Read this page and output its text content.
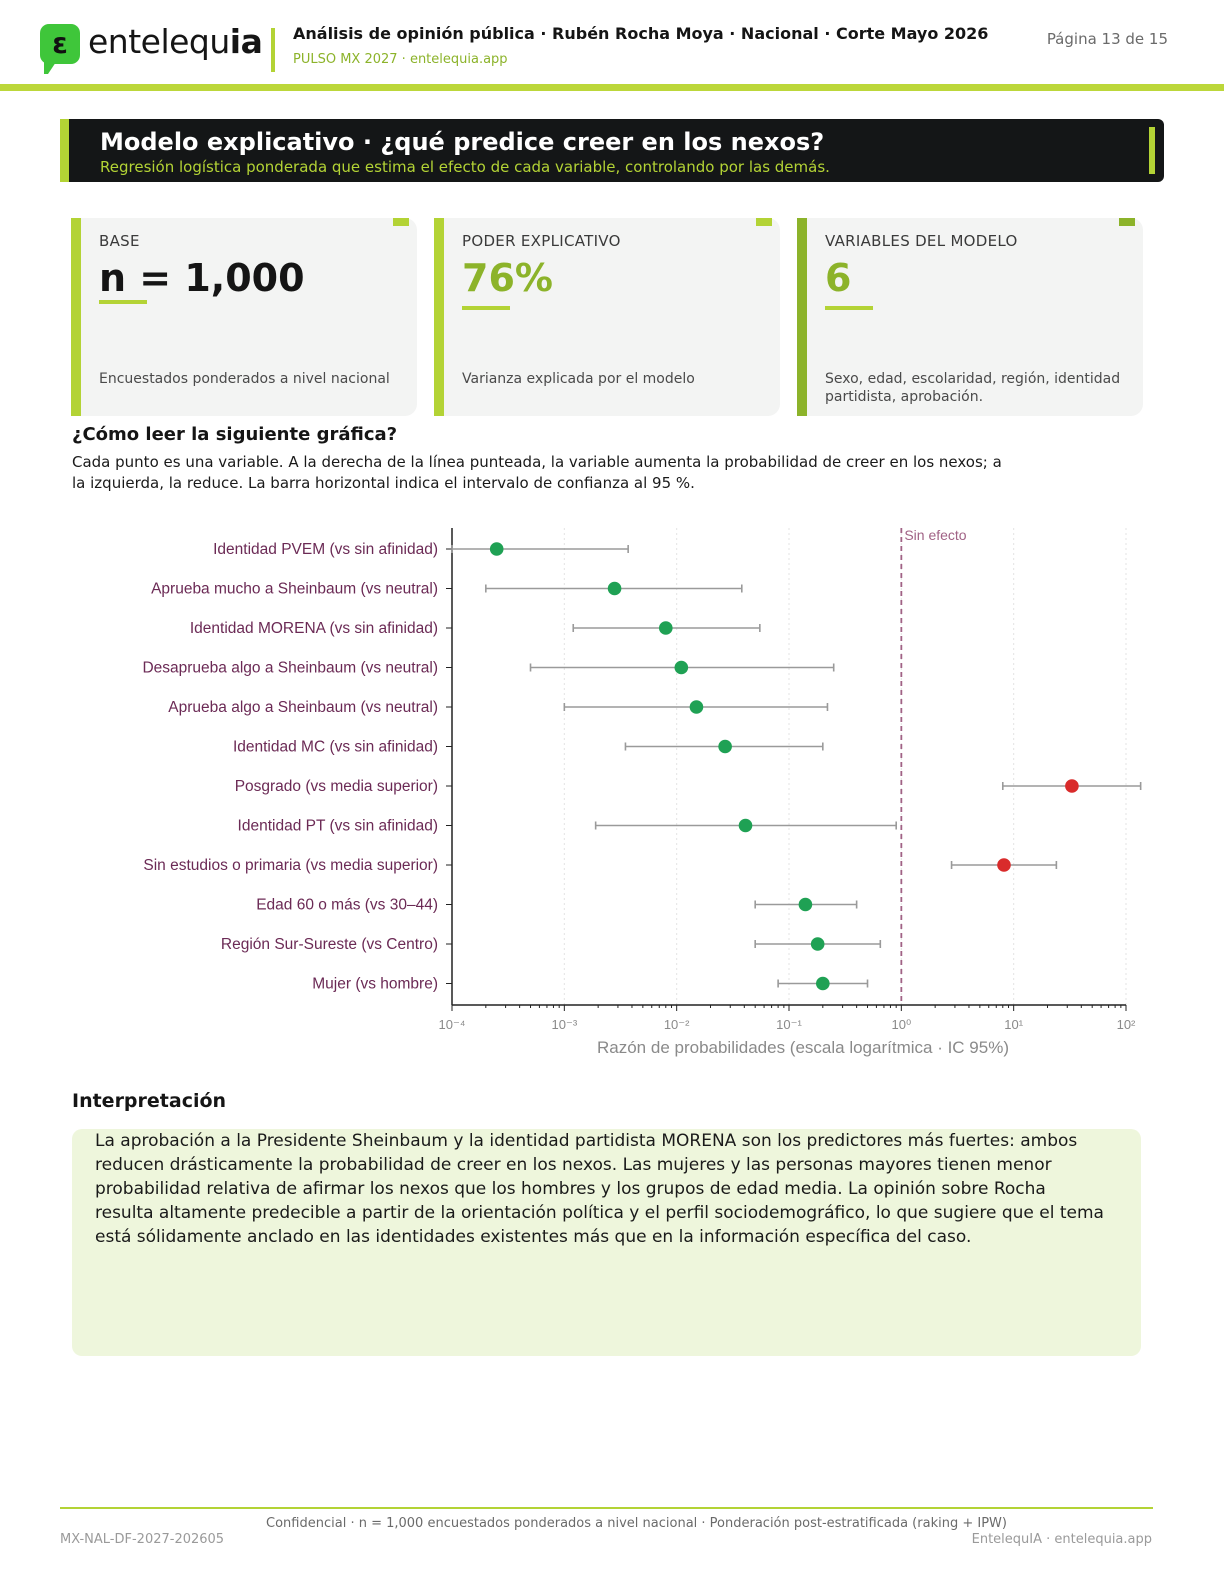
ε entelequia Análisis de opinión pública · Rubén Rocha Moya · Nacional · Corte Mayo 2026
PULSO MX 2027 · entelequia.app
Página 13 de 15
Modelo explicativo · ¿qué predice creer en los nexos?
Regresión logística ponderada que estima el efecto de cada variable, controlando por las demás.
BASE
n = 1,000
Encuestados ponderados a nivel nacional
PODER EXPLICATIVO
76%
Varianza explicada por el modelo
VARIABLES DEL MODELO
6
Sexo, edad, escolaridad, región, identidad partidista, aprobación.
¿Cómo leer la siguiente gráfica?
Cada punto es una variable. A la derecha de la línea punteada, la variable aumenta la probabilidad de creer en los nexos; a la izquierda, la reduce. La barra horizontal indica el intervalo de confianza al 95 %.
10⁻⁴	10⁻³	10⁻²	10⁻¹	10⁰	10¹	10²
Razón de probabilidades (escala logarítmica · IC 95%)
Sin efecto
Identidad PVEM (vs sin afinidad)
Aprueba mucho a Sheinbaum (vs neutral)
Identidad MORENA (vs sin afinidad)
Desaprueba algo a Sheinbaum (vs neutral)
Aprueba algo a Sheinbaum (vs neutral)
Identidad MC (vs sin afinidad)
Posgrado (vs media superior)
Identidad PT (vs sin afinidad)
Sin estudios o primaria (vs media superior)
Edad 60 o más (vs 30–44)
Región Sur-Sureste (vs Centro)
Mujer (vs hombre)
Interpretación
La aprobación a la Presidente Sheinbaum y la identidad partidista MORENA son los predictores más fuertes: ambos reducen drásticamente la probabilidad de creer en los nexos. Las mujeres y las personas mayores tienen menor probabilidad relativa de afirmar los nexos que los hombres y los grupos de edad media. La opinión sobre Rocha resulta altamente predecible a partir de la orientación política y el perfil sociodemográfico, lo que sugiere que el tema está sólidamente anclado en las identidades existentes más que en la información específica del caso.
Confidencial · n = 1,000 encuestados ponderados a nivel nacional · Ponderación post-estratificada (raking + IPW)
MX-NAL-DF-2027-202605	EntelequIA · entelequia.app
